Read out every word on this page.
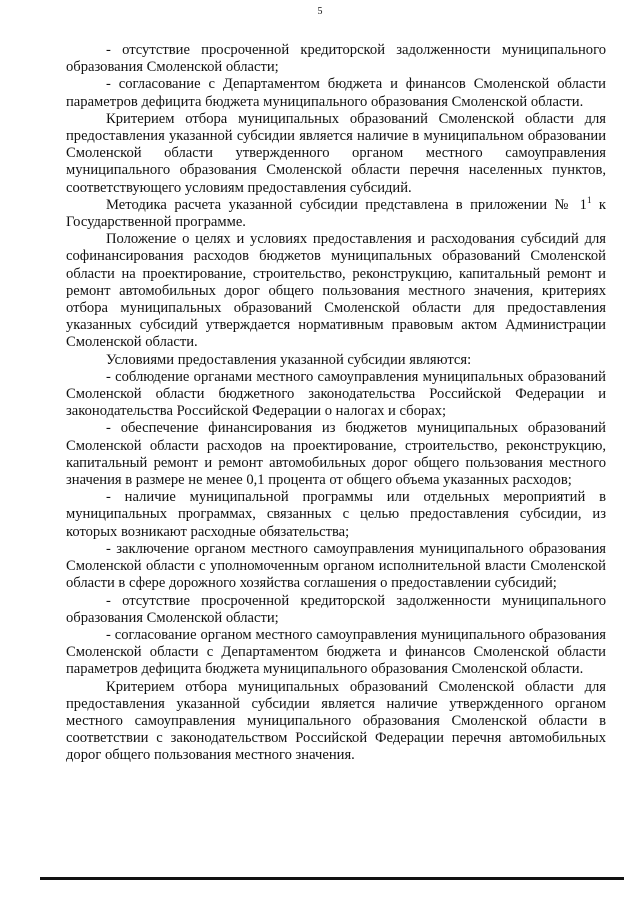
5

- отсутствие просроченной кредиторской задолженности муниципального образования Смоленской области;

- согласование с Департаментом бюджета и финансов Смоленской области параметров дефицита бюджета муниципального образования Смоленской области.

Критерием отбора муниципальных образований Смоленской области для предоставления указанной субсидии является наличие в муниципальном образовании Смоленской области утвержденного органом местного самоуправления муниципального образования Смоленской области перечня населенных пунктов, соответствующего условиям предоставления субсидий.

Методика расчета указанной субсидии представлена в приложении № $1^1$ к Государственной программе.

Положение о целях и условиях предоставления и расходования субсидий для софинансирования расходов бюджетов муниципальных образований Смоленской области на проектирование, строительство, реконструкцию, капитальный ремонт и ремонт автомобильных дорог общего пользования местного значения, критериях отбора муниципальных образований Смоленской области для предоставления указанных субсидий утверждается нормативным правовым актом Администрации Смоленской области.

Условиями предоставления указанной субсидии являются:

- соблюдение органами местного самоуправления муниципальных образований Смоленской области бюджетного законодательства Российской Федерации и законодательства Российской Федерации о налогах и сборах;

- обеспечение финансирования из бюджетов муниципальных образований Смоленской области расходов на проектирование, строительство, реконструкцию, капитальный ремонт и ремонт автомобильных дорог общего пользования местного значения в размере не менее 0,1 процента от общего объема указанных расходов;

- наличие муниципальной программы или отдельных мероприятий в муниципальных программах, связанных с целью предоставления субсидии, из которых возникают расходные обязательства;

- заключение органом местного самоуправления муниципального образования Смоленской области с уполномоченным органом исполнительной власти Смоленской области в сфере дорожного хозяйства соглашения о предоставлении субсидий;

- отсутствие просроченной кредиторской задолженности муниципального образования Смоленской области;

- согласование органом местного самоуправления муниципального образования Смоленской области с Департаментом бюджета и финансов Смоленской области параметров дефицита бюджета муниципального образования Смоленской области.

Критерием отбора муниципальных образований Смоленской области для предоставления указанной субсидии является наличие утвержденного органом местного самоуправления муниципального образования Смоленской области в соответствии с законодательством Российской Федерации перечня автомобильных дорог общего пользования местного значения.
